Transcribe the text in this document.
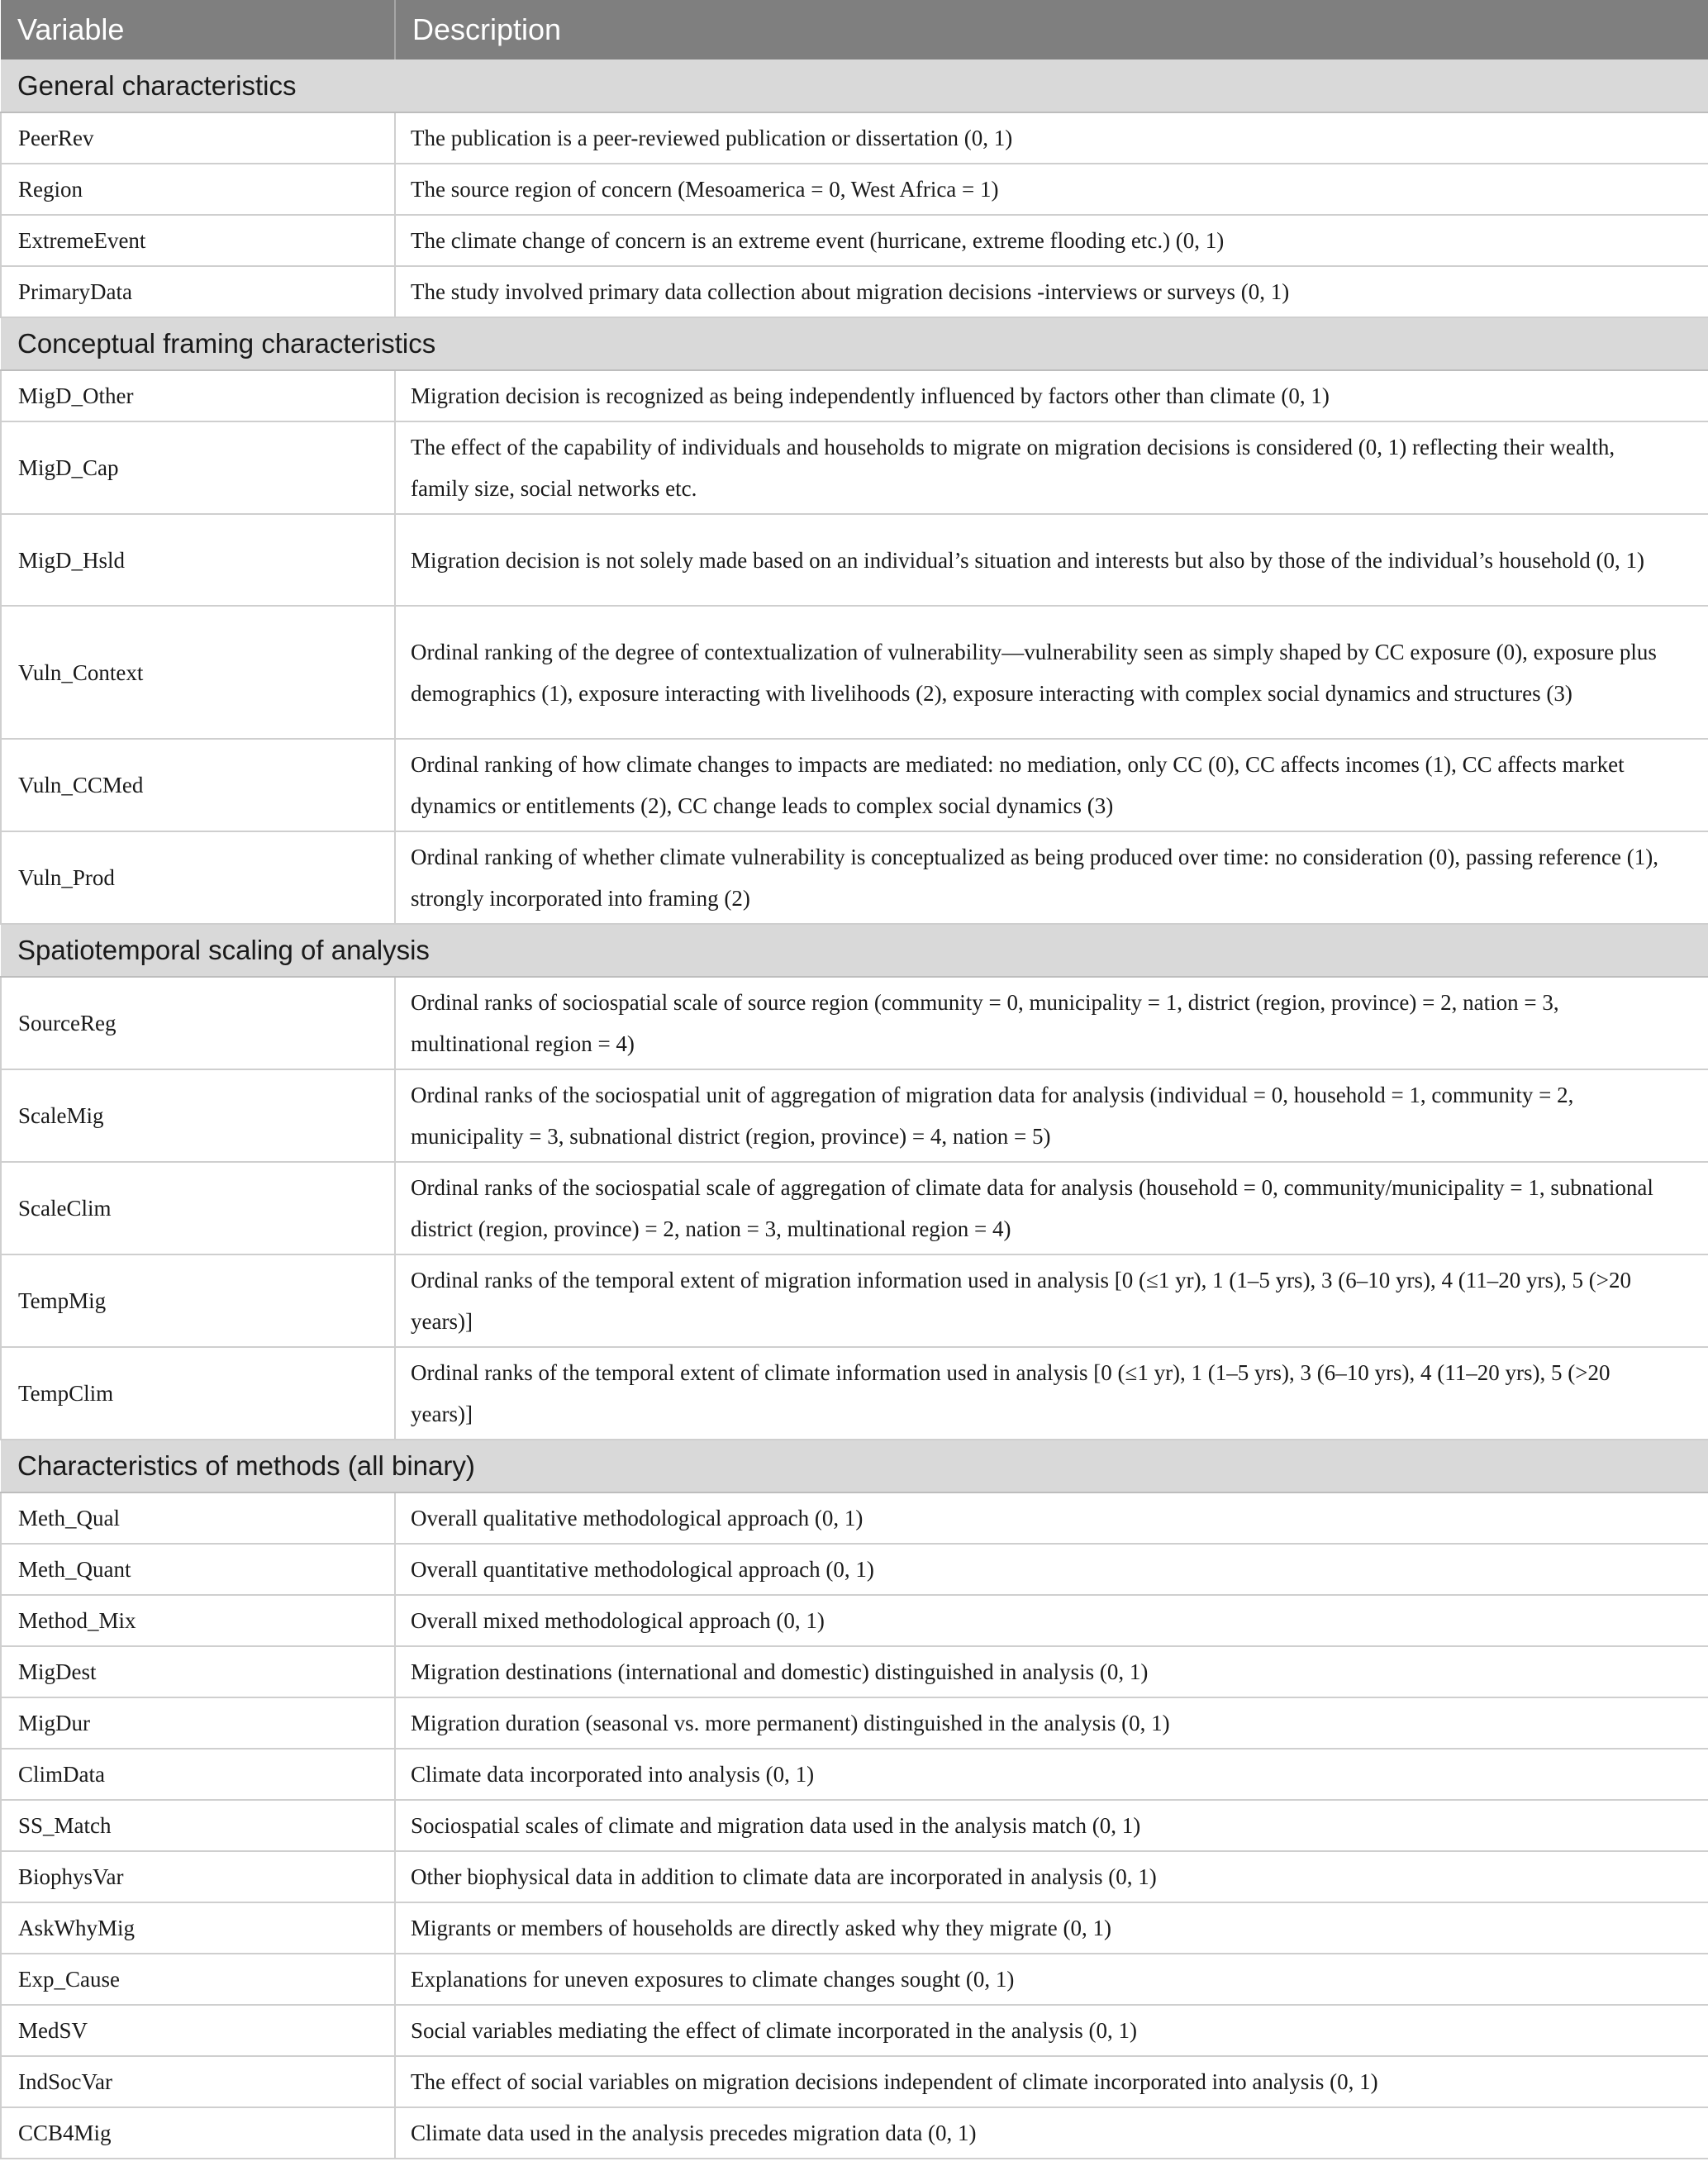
Variable	Description
General characteristics	
PeerRev	The publication is a peer-reviewed publication or dissertation (0, 1)
Region	The source region of concern (Mesoamerica = 0, West Africa = 1)
ExtremeEvent	The climate change of concern is an extreme event (hurricane, extreme flooding etc.) (0, 1)
PrimaryData	The study involved primary data collection about migration decisions -interviews or surveys (0, 1)
Conceptual framing characteristics	
MigD_Other	Migration decision is recognized as being independently influenced by factors other than climate (0, 1)
MigD_Cap	The effect of the capability of individuals and households to migrate on migration decisions is considered (0, 1) reflecting their wealth, family size, social networks etc.
MigD_Hsld	Migration decision is not solely made based on an individual’s situation and interests but also by those of the individual’s household (0, 1)
Vuln_Context	Ordinal ranking of the degree of contextualization of vulnerability—vulnerability seen as simply shaped by CC exposure (0), exposure plus demographics (1), exposure interacting with livelihoods (2), exposure interacting with complex social dynamics and structures (3)
Vuln_CCMed	Ordinal ranking of how climate changes to impacts are mediated: no mediation, only CC (0), CC affects incomes (1), CC affects market dynamics or entitlements (2), CC change leads to complex social dynamics (3)
Vuln_Prod	Ordinal ranking of whether climate vulnerability is conceptualized as being produced over time: no consideration (0), passing reference (1), strongly incorporated into framing (2)
Spatiotemporal scaling of analysis	
SourceReg	Ordinal ranks of sociospatial scale of source region (community = 0, municipality = 1, district (region, province) = 2, nation = 3, multinational region = 4)
ScaleMig	Ordinal ranks of the sociospatial unit of aggregation of migration data for analysis (individual = 0, household = 1, community = 2, municipality = 3, subnational district (region, province) = 4, nation = 5)
ScaleClim	Ordinal ranks of the sociospatial scale of aggregation of climate data for analysis (household = 0, community/municipality = 1, subnational district (region, province) = 2, nation = 3, multinational region = 4)
TempMig	Ordinal ranks of the temporal extent of migration information used in analysis [0 (≤1 yr), 1 (1–5 yrs), 3 (6–10 yrs), 4 (11–20 yrs), 5 (>20 years)]
TempClim	Ordinal ranks of the temporal extent of climate information used in analysis [0 (≤1 yr), 1 (1–5 yrs), 3 (6–10 yrs), 4 (11–20 yrs), 5 (>20 years)]
Characteristics of methods (all binary)	
Meth_Qual	Overall qualitative methodological approach (0, 1)
Meth_Quant	Overall quantitative methodological approach (0, 1)
Method_Mix	Overall mixed methodological approach (0, 1)
MigDest	Migration destinations (international and domestic) distinguished in analysis (0, 1)
MigDur	Migration duration (seasonal vs. more permanent) distinguished in the analysis (0, 1)
ClimData	Climate data incorporated into analysis (0, 1)
SS_Match	Sociospatial scales of climate and migration data used in the analysis match (0, 1)
BiophysVar	Other biophysical data in addition to climate data are incorporated in analysis (0, 1)
AskWhyMig	Migrants or members of households are directly asked why they migrate (0, 1)
Exp_Cause	Explanations for uneven exposures to climate changes sought (0, 1)
MedSV	Social variables mediating the effect of climate incorporated in the analysis (0, 1)
IndSocVar	The effect of social variables on migration decisions independent of climate incorporated into analysis (0, 1)
CCB4Mig	Climate data used in the analysis precedes migration data (0, 1)
